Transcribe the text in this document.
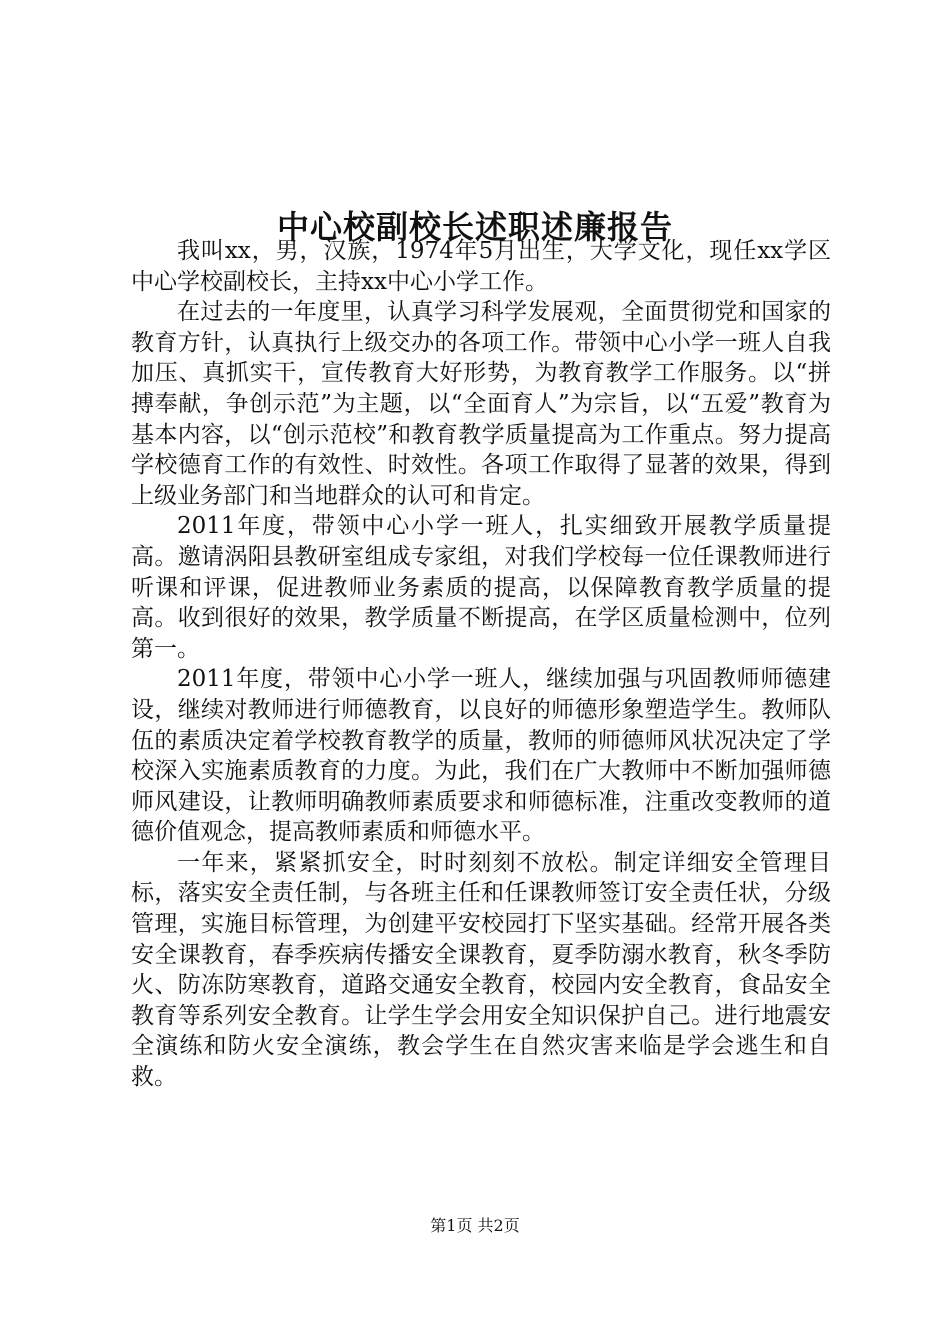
中心校副校长述职述廉报告

我叫xx，男，汉族，1974年5月出生，大学文化，现任xx学区中心学校副校长，主持xx中心小学工作。

在过去的一年度里，认真学习科学发展观，全面贯彻党和国家的教育方针，认真执行上级交办的各项工作。带领中心小学一班人自我加压、真抓实干，宣传教育大好形势，为教育教学工作服务。以“拼搏奉献，争创示范”为主题，以“全面育人”为宗旨，以“五爱”教育为基本内容，以“创示范校”和教育教学质量提高为工作重点。努力提高学校德育工作的有效性、时效性。各项工作取得了显著的效果，得到上级业务部门和当地群众的认可和肯定。

2011年度，带领中心小学一班人，扎实细致开展教学质量提高。邀请涡阳县教研室组成专家组，对我们学校每一位任课教师进行听课和评课，促进教师业务素质的提高，以保障教育教学质量的提高。收到很好的效果，教学质量不断提高，在学区质量检测中，位列第一。

2011年度，带领中心小学一班人，继续加强与巩固教师师德建设，继续对教师进行师德教育，以良好的师德形象塑造学生。教师队伍的素质决定着学校教育教学的质量，教师的师德师风状况决定了学校深入实施素质教育的力度。为此，我们在广大教师中不断加强师德师风建设，让教师明确教师素质要求和师德标准，注重改变教师的道德价值观念，提高教师素质和师德水平。

一年来，紧紧抓安全，时时刻刻不放松。制定详细安全管理目标，落实安全责任制，与各班主任和任课教师签订安全责任状，分级管理，实施目标管理，为创建平安校园打下坚实基础。经常开展各类安全课教育，春季疾病传播安全课教育，夏季防溺水教育，秋冬季防火、防冻防寒教育，道路交通安全教育，校园内安全教育，食品安全教育等系列安全教育。让学生学会用安全知识保护自己。进行地震安全演练和防火安全演练，教会学生在自然灾害来临是学会逃生和自救。

第1页 共2页
